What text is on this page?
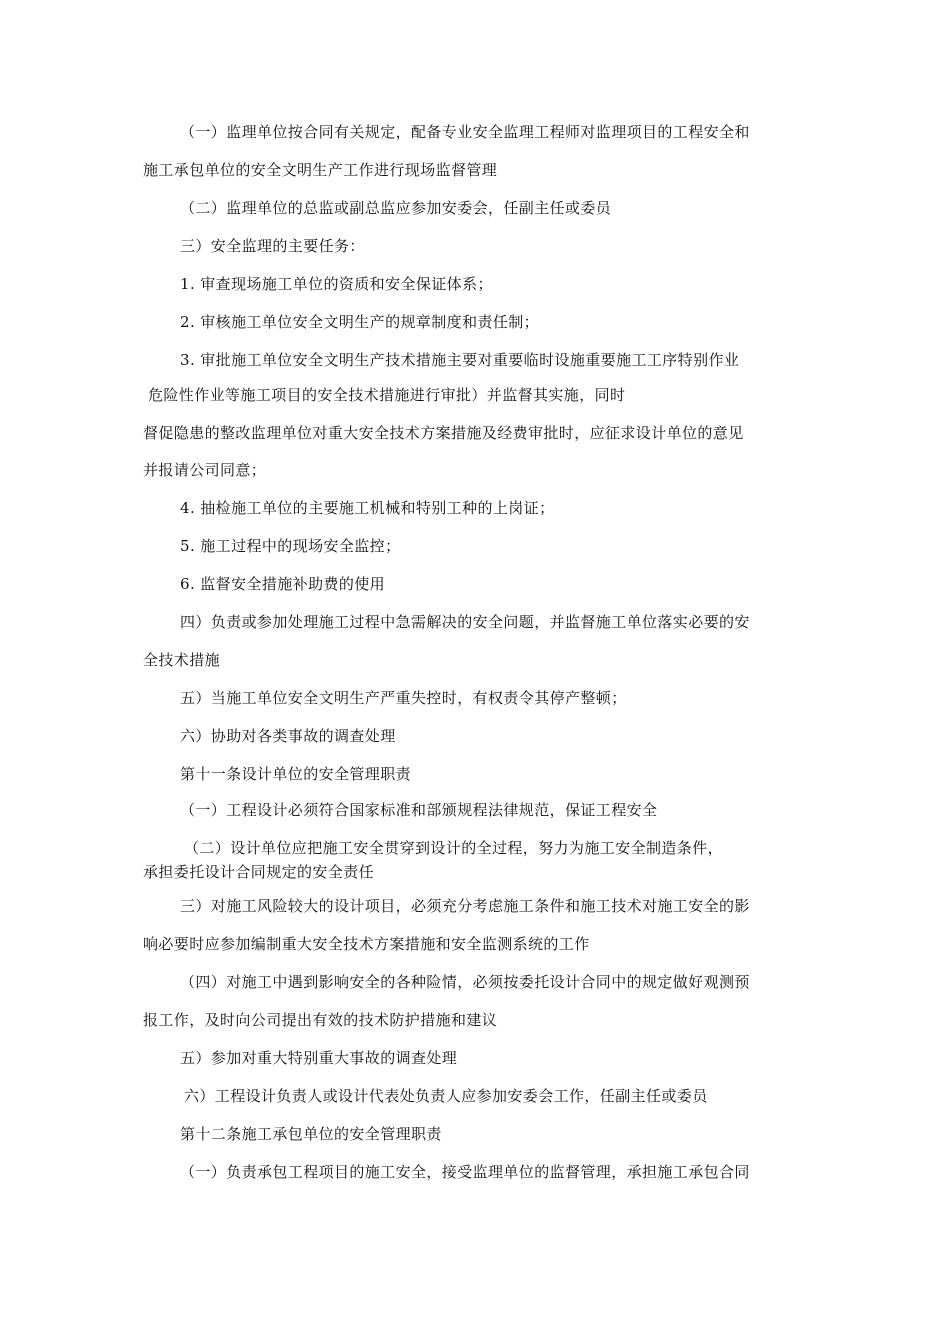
（一）监理单位按合同有关规定，配备专业安全监理工程师对监理项目的工程安全和
施工承包单位的安全文明生产工作进行现场监督管理
（二）监理单位的总监或副总监应参加安委会，任副主任或委员
三）安全监理的主要任务：
1. 审查现场施工单位的资质和安全保证体系；
2. 审核施工单位安全文明生产的规章制度和责任制；
3. 审批施工单位安全文明生产技术措施主要对重要临时设施重要施工工序特别作业
危险性作业等施工项目的安全技术措施进行审批）并监督其实施，同时
督促隐患的整改监理单位对重大安全技术方案措施及经费审批时，应征求设计单位的意见
并报请公司同意；
4. 抽检施工单位的主要施工机械和特别工种的上岗证；
5. 施工过程中的现场安全监控；
6. 监督安全措施补助费的使用
四）负责或参加处理施工过程中急需解决的安全问题，并监督施工单位落实必要的安
全技术措施
五）当施工单位安全文明生产严重失控时，有权责令其停产整顿；
六）协助对各类事故的调查处理
第十一条设计单位的安全管理职责
（一）工程设计必须符合国家标准和部颁规程法律规范，保证工程安全
（二）设计单位应把施工安全贯穿到设计的全过程，努力为施工安全制造条件，
承担委托设计合同规定的安全责任
三）对施工风险较大的设计项目，必须充分考虑施工条件和施工技术对施工安全的影
响必要时应参加编制重大安全技术方案措施和安全监测系统的工作
（四）对施工中遇到影响安全的各种险情，必须按委托设计合同中的规定做好观测预
报工作，及时向公司提出有效的技术防护措施和建议
五）参加对重大特别重大事故的调查处理
六）工程设计负责人或设计代表处负责人应参加安委会工作，任副主任或委员
第十二条施工承包单位的安全管理职责
（一）负责承包工程项目的施工安全，接受监理单位的监督管理，承担施工承包合同
